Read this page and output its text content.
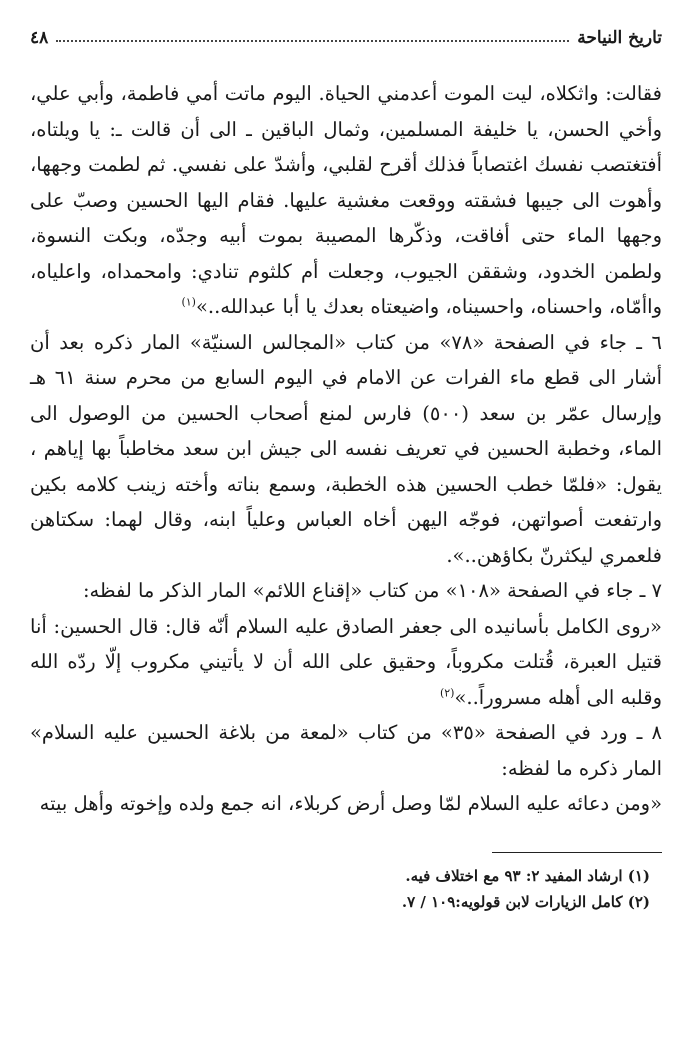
تاريخ النياحة
٤٨

فقالت: واثكلاه، ليت الموت أعدمني الحياة. اليوم ماتت أمي فاطمة، وأبي علي، وأخي الحسن، يا خليفة المسلمين، وثمال الباقين ـ الى أن قالت ـ: يا ويلتاه، أفتغتصب نفسك اغتصاباً فذلك أقرح لقلبي، وأشدّ على نفسي. ثم لطمت وجهها، وأهوت الى جيبها فشقته ووقعت مغشية عليها. فقام اليها الحسين وصبّ على وجهها الماء حتى أفاقت، وذكّرها المصيبة بموت أبيه وجدّه، وبكت النسوة، ولطمن الخدود، وشققن الجيوب، وجعلت أم كلثوم تنادي: وامحمداه، واعلياه، واأمّاه، واحسناه، واحسيناه، واضيعتاه بعدك يا أبا عبدالله..»$^{(١)}$

٦ ـ جاء في الصفحة «٧٨» من كتاب «المجالس السنيّة» المار ذكره بعد أن أشار الى قطع ماء الفرات عن الامام في اليوم السابع من محرم سنة ٦١ هـ وإرسال عمّر بن سعد (٥٠٠) فارس لمنع أصحاب الحسين من الوصول الى الماء، وخطبة الحسين في تعريف نفسه الى جيش ابن سعد مخاطباً بها إياهم ، يقول: «فلمّا خطب الحسين هذه الخطبة، وسمع بناته وأخته زينب كلامه بكين وارتفعت أصواتهن، فوجّه اليهن أخاه العباس وعلياً ابنه، وقال لهما: سكتاهن فلعمري ليكثرنّ بكاؤهن..».

٧ ـ جاء في الصفحة «١٠٨» من كتاب «إقناع اللائم» المار الذكر ما لفظه:

«روى الكامل بأسانيده الى جعفر الصادق عليه السلام أنّه قال: قال الحسين: أنا قتيل العبرة، قُتلت مكروباً، وحقيق على الله أن لا يأتيني مكروب إلّا ردّه الله وقلبه الى أهله مسروراً..»$^{(٢)}$

٨ ـ ورد في الصفحة «٣٥» من كتاب «لمعة من بلاغة الحسين عليه السلام» المار ذكره ما لفظه:

«ومن دعائه عليه السلام لمّا وصل أرض كربلاء، انه جمع ولده وإخوته وأهل بيته

(١) ارشاد المفيد ٢: ٩٣ مع اختلاف فيه.
(٢) كامل الزيارات لابن قولويه:١٠٩ / ٧.
